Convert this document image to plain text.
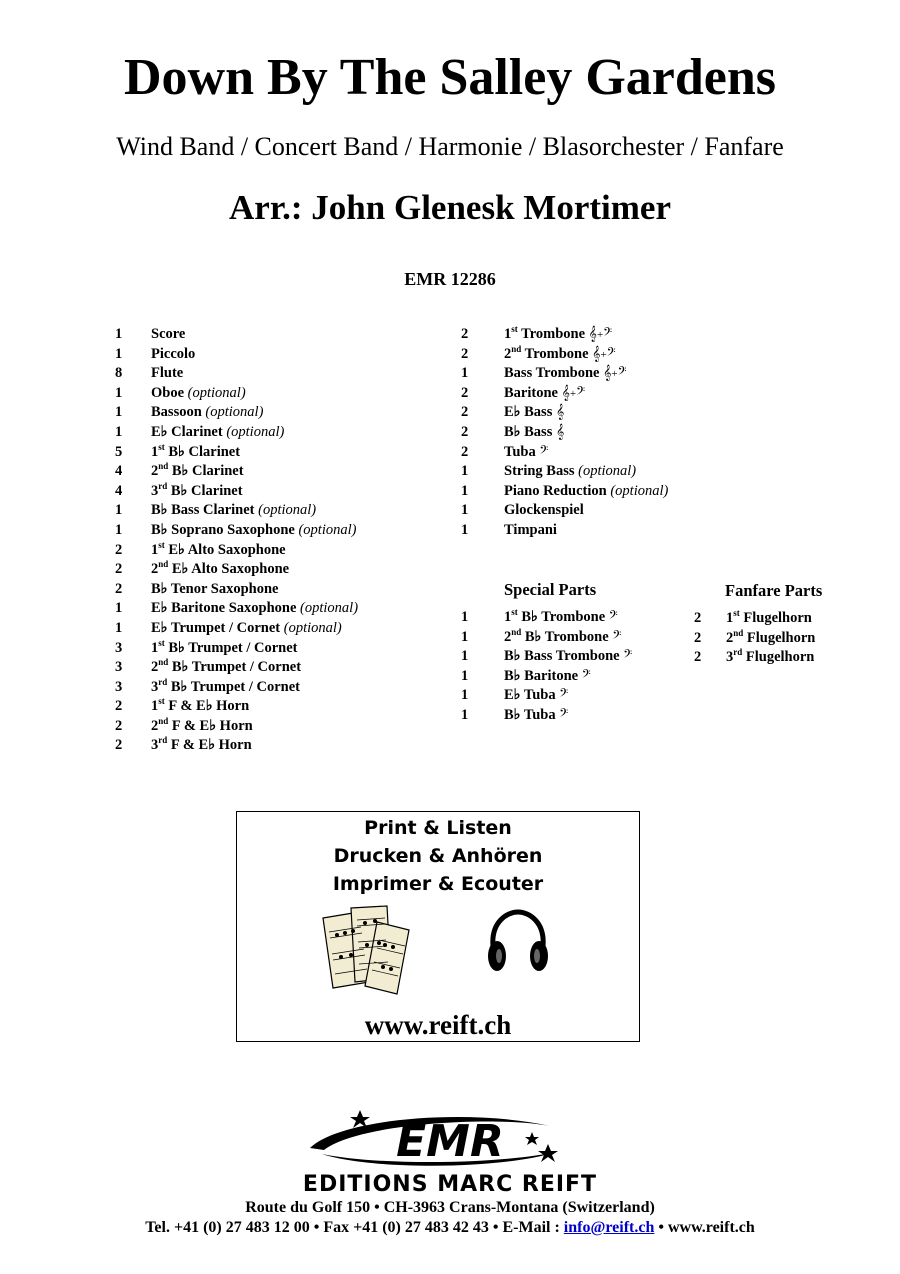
Down By The Salley Gardens
Wind Band / Concert Band / Harmonie / Blasorchester / Fanfare
Arr.: John Glenesk Mortimer
EMR 12286
1 Score
1 Piccolo
8 Flute
1 Oboe (optional)
1 Bassoon (optional)
1 E♭ Clarinet (optional)
5 1st B♭ Clarinet
4 2nd B♭ Clarinet
4 3rd B♭ Clarinet
1 B♭ Bass Clarinet (optional)
1 B♭ Soprano Saxophone (optional)
2 1st E♭ Alto Saxophone
2 2nd E♭ Alto Saxophone
2 B♭ Tenor Saxophone
1 E♭ Baritone Saxophone (optional)
1 E♭ Trumpet / Cornet (optional)
3 1st B♭ Trumpet / Cornet
3 2nd B♭ Trumpet / Cornet
3 3rd B♭ Trumpet / Cornet
2 1st F & E♭ Horn
2 2nd F & E♭ Horn
2 3rd F & E♭ Horn
2 1st Trombone 𝄞+𝄢
2 2nd Trombone 𝄞+𝄢
1 Bass Trombone 𝄞+𝄢
2 Baritone 𝄞+𝄢
2 E♭ Bass 𝄞
2 B♭ Bass 𝄞
2 Tuba 𝄢
1 String Bass (optional)
1 Piano Reduction (optional)
1 Glockenspiel
1 Timpani
Special Parts
1 1st B♭ Trombone 𝄢
1 2nd B♭ Trombone 𝄢
1 B♭ Bass Trombone 𝄢
1 B♭ Baritone 𝄢
1 E♭ Tuba 𝄢
1 B♭ Tuba 𝄢
Fanfare Parts
2 1st Flugelhorn
2 2nd Flugelhorn
2 3rd Flugelhorn
Print & Listen
Drucken & Anhören
Imprimer & Ecouter
www.reift.ch
EMR
EDITIONS MARC REIFT
Route du Golf 150 • CH-3963 Crans-Montana (Switzerland)
Tel. +41 (0) 27 483 12 00 • Fax +41 (0) 27 483 42 43 • E-Mail : info@reift.ch • www.reift.ch
